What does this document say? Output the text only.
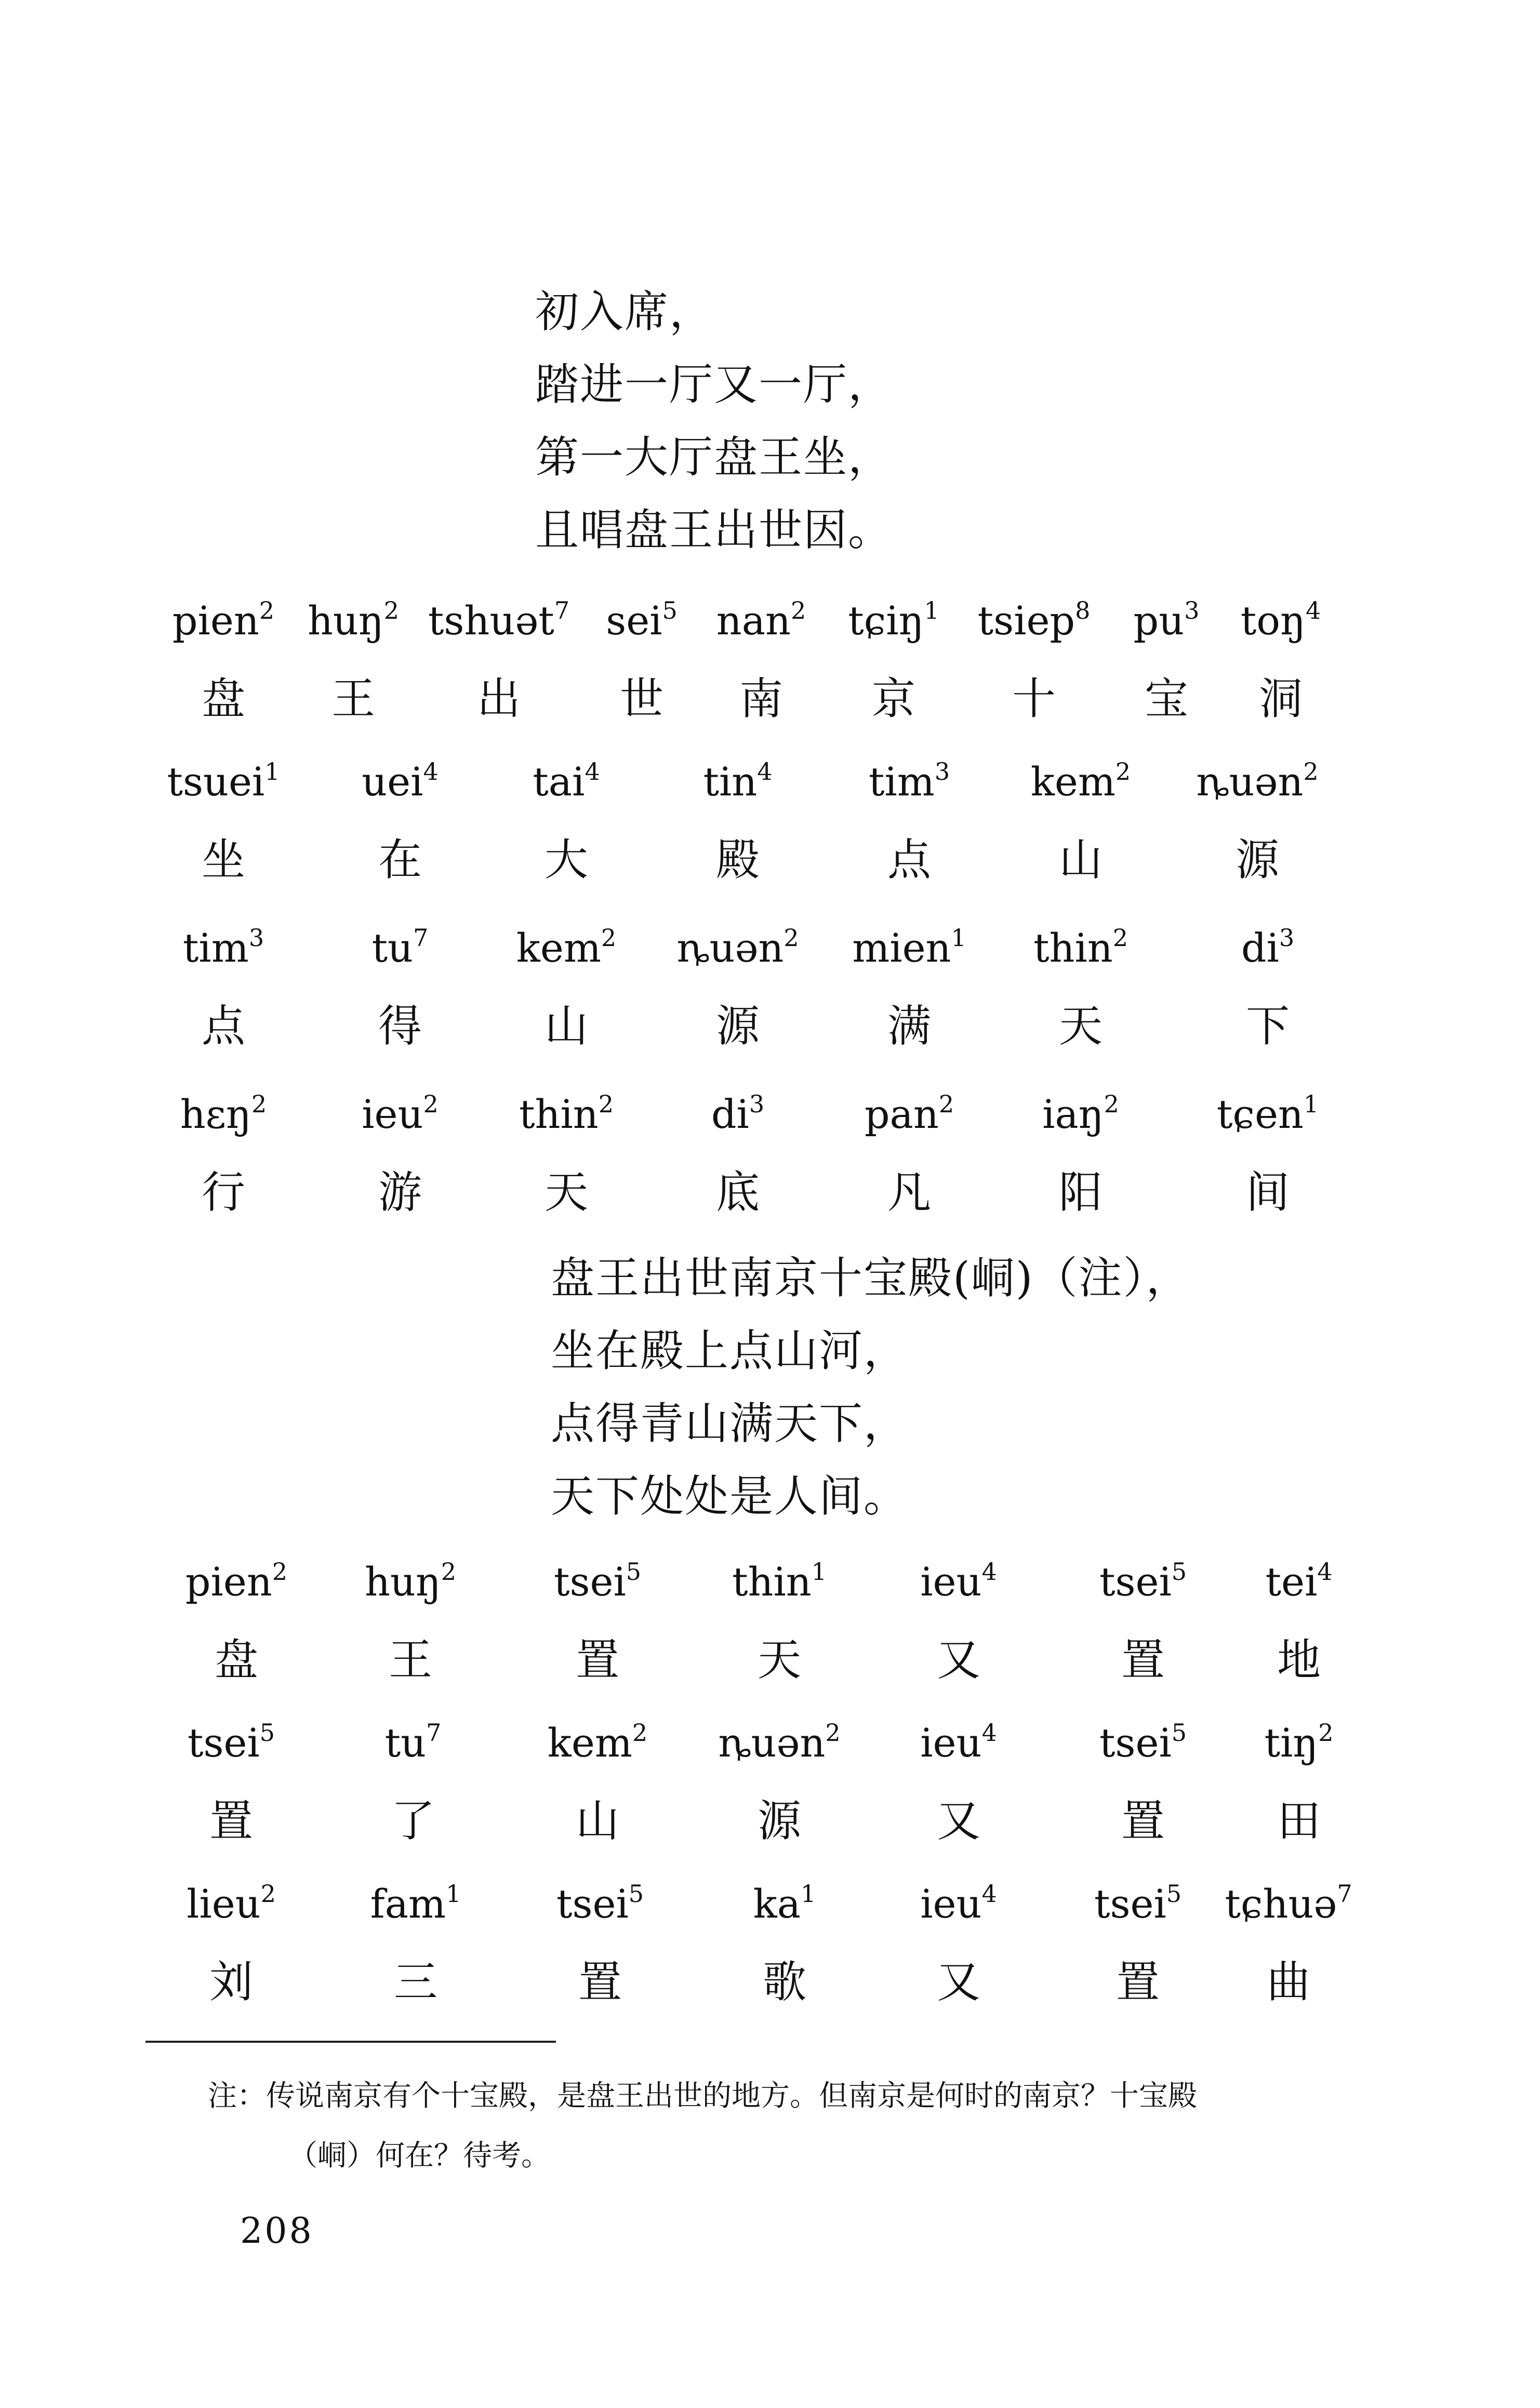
初入席，
踏进一厅又一厅，
第一大厅盘王坐，
且唱盘王出世因。
pien$^2$
盘
huŋ$^2$
王
tshuət$^7$
出
sei$^5$
世
nan$^2$
南
tɕiŋ$^1$
京
tsiep$^8$
十
$pu^3$
宝
toŋ$^4$
洞
tsuei$^1$
坐
uei$^4$
在
tai$^4$
大
tin$^4$
殿
tim$^3$
点
kem$^2$
山
ȵuən$^2$
源
tim$^3$
点
$tu^7$
得
kem$^2$
山
ȵuən$^2$
源
mien$^1$
满
thin$^2$
天
$di^3$
下
hɛŋ$^2$
行
ieu$^2$
游
thin$^2$
天
$di^3$
底
pan$^2$
凡
iaŋ$^2$
阳
tɕen$^1$
间
盘王出世南京十宝殿(峒)（注），
坐在殿上点山河，
点得青山满天下，
天下处处是人间。
pien$^2$
盘
huŋ$^2$
王
tsei$^5$
置
thin$^1$
天
ieu$^4$
又
tsei$^5$
置
tei$^4$
地
tsei$^5$
置
$tu^7$
了
kem$^2$
山
ȵuən$^2$
源
ieu$^4$
又
tsei$^5$
置
tiŋ$^2$
田
lieu$^2$
刘
fam$^1$
三
tsei$^5$
置
$ka^1$
歌
ieu$^4$
又
tsei$^5$
置
tɕhuə$^7$
曲
注：传说南京有个十宝殿，是盘王出世的地方。但南京是何时的南京？十宝殿
（峒）何在？待考。
208
